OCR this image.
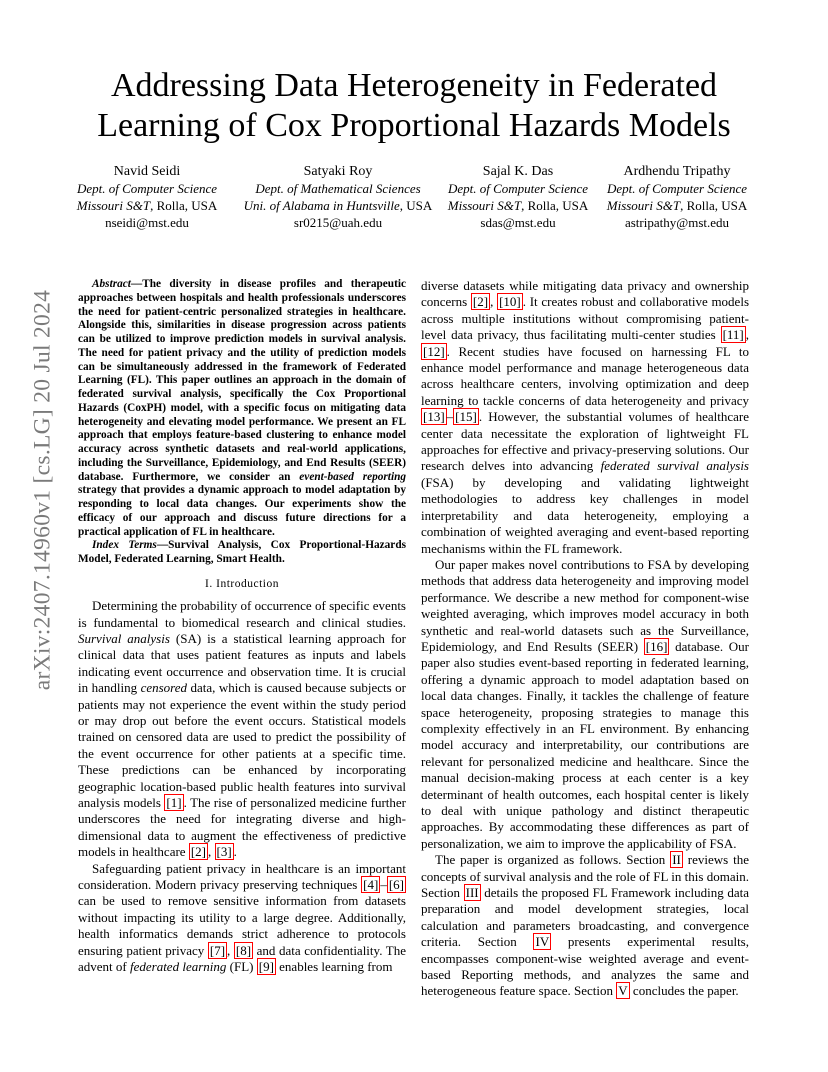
arXiv:2407.14960v1 [cs.LG] 20 Jul 2024
Addressing Data Heterogeneity in Federated Learning of Cox Proportional Hazards Models
Navid Seidi
Dept. of Computer Science
Missouri S&T, Rolla, USA
nseidi@mst.edu
Satyaki Roy
Dept. of Mathematical Sciences
Uni. of Alabama in Huntsville, USA
sr0215@uah.edu
Sajal K. Das
Dept. of Computer Science
Missouri S&T, Rolla, USA
sdas@mst.edu
Ardhendu Tripathy
Dept. of Computer Science
Missouri S&T, Rolla, USA
astripathy@mst.edu

Abstract—The diversity in disease profiles and therapeutic approaches between hospitals and health professionals underscores the need for patient-centric personalized strategies in healthcare. Alongside this, similarities in disease progression across patients can be utilized to improve prediction models in survival analysis. The need for patient privacy and the utility of prediction models can be simultaneously addressed in the framework of Federated Learning (FL). This paper outlines an approach in the domain of federated survival analysis, specifically the Cox Proportional Hazards (CoxPH) model, with a specific focus on mitigating data heterogeneity and elevating model performance. We present an FL approach that employs feature-based clustering to enhance model accuracy across synthetic datasets and real-world applications, including the Surveillance, Epidemiology, and End Results (SEER) database. Furthermore, we consider an event-based reporting strategy that provides a dynamic approach to model adaptation by responding to local data changes. Our experiments show the efficacy of our approach and discuss future directions for a practical application of FL in healthcare.

Index Terms—Survival Analysis, Cox Proportional-Hazards Model, Federated Learning, Smart Health.

I. Introduction

Determining the probability of occurrence of specific events is fundamental to biomedical research and clinical studies. Survival analysis (SA) is a statistical learning approach for clinical data that uses patient features as inputs and labels indicating event occurrence and observation time. It is crucial in handling censored data, which is caused because subjects or patients may not experience the event within the study period or may drop out before the event occurs. Statistical models trained on censored data are used to predict the possibility of the event occurrence for other patients at a specific time. These predictions can be enhanced by incorporating geographic location-based public health features into survival analysis models [1] . The rise of personalized medicine further underscores the need for integrating diverse and high-dimensional data to augment the effectiveness of predictive models in healthcare [2] , [3] .

Safeguarding patient privacy in healthcare is an important consideration. Modern privacy preserving techniques [4] – [6] can be used to remove sensitive information from datasets without impacting its utility to a large degree. Additionally, health informatics demands strict adherence to protocols ensuring patient privacy [7] , [8] and data confidentiality. The advent of federated learning (FL) [9] enables learning from

diverse datasets while mitigating data privacy and ownership concerns [2] , [10] . It creates robust and collaborative models across multiple institutions without compromising patient-level data privacy, thus facilitating multi-center studies [11] , [12] . Recent studies have focused on harnessing FL to enhance model performance and manage heterogeneous data across healthcare centers, involving optimization and deep learning to tackle concerns of data heterogeneity and privacy [13] – [15] . However, the substantial volumes of healthcare center data necessitate the exploration of lightweight FL approaches for effective and privacy-preserving solutions. Our research delves into advancing federated survival analysis (FSA) by developing and validating lightweight methodologies to address key challenges in model interpretability and data heterogeneity, employing a combination of weighted averaging and event-based reporting mechanisms within the FL framework.

Our paper makes novel contributions to FSA by developing methods that address data heterogeneity and improving model performance. We describe a new method for component-wise weighted averaging, which improves model accuracy in both synthetic and real-world datasets such as the Surveillance, Epidemiology, and End Results (SEER) [16] database. Our paper also studies event-based reporting in federated learning, offering a dynamic approach to model adaptation based on local data changes. Finally, it tackles the challenge of feature space heterogeneity, proposing strategies to manage this complexity effectively in an FL environment. By enhancing model accuracy and interpretability, our contributions are relevant for personalized medicine and healthcare. Since the manual decision-making process at each center is a key determinant of health outcomes, each hospital center is likely to deal with unique pathology and distinct therapeutic approaches. By accommodating these differences as part of personalization, we aim to improve the applicability of FSA.

The paper is organized as follows. Section II reviews the concepts of survival analysis and the role of FL in this domain. Section III details the proposed FL Framework including data preparation and model development strategies, local calculation and parameters broadcasting, and convergence criteria. Section IV presents experimental results, encompasses component-wise weighted average and event-based Reporting methods, and analyzes the same and heterogeneous feature space. Section V concludes the paper.
